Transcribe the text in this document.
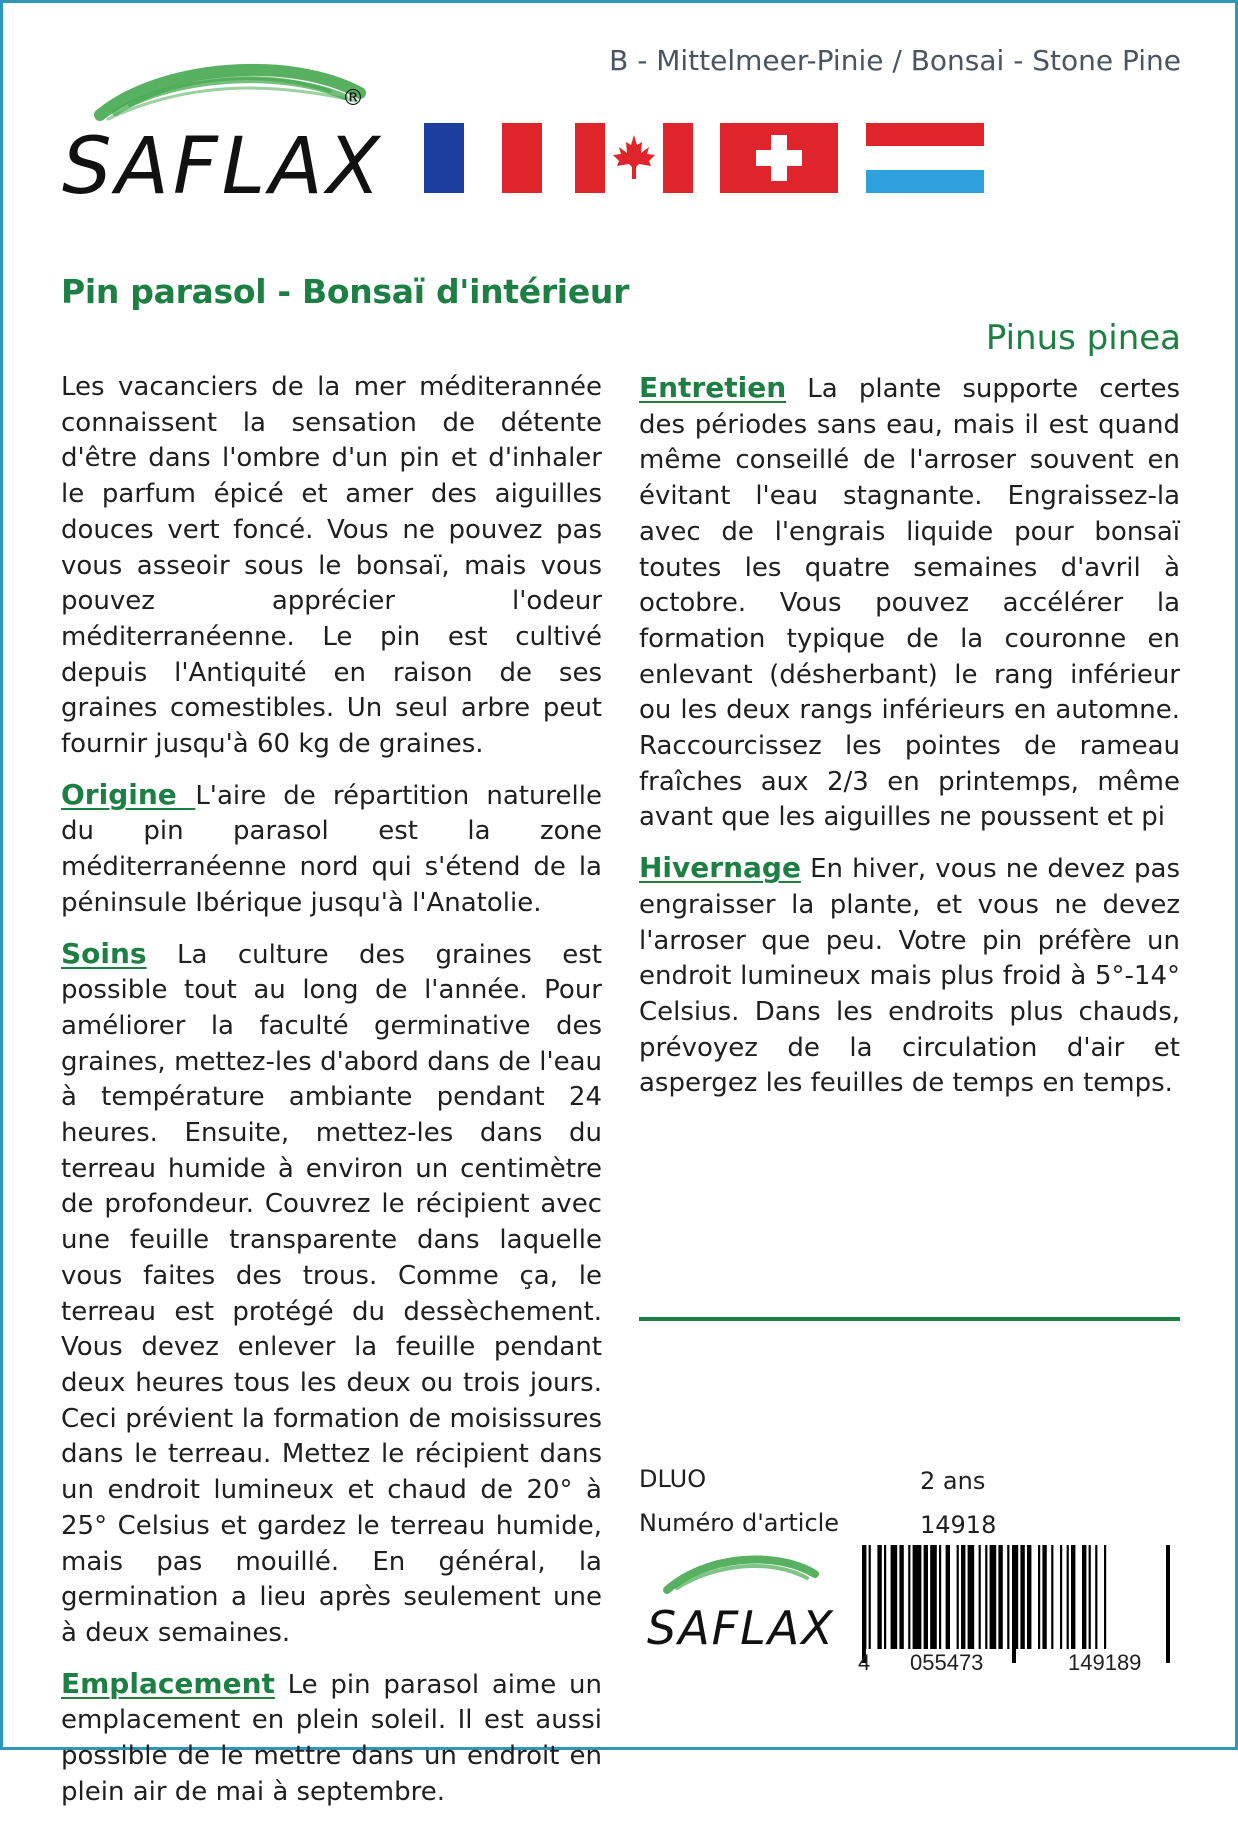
B - Mittelmeer-Pinie / Bonsai - Stone Pine
SAFLAX
®
Pin parasol - Bonsaï d'intérieur
Pinus pinea

Les vacanciers de la mer méditerannée connaissent la sensation de détente d'être dans l'ombre d'un pin et d'inhaler le parfum épicé et amer des aiguilles douces vert foncé. Vous ne pouvez pas vous asseoir sous le bonsaï, mais vous pouvez apprécier l'odeur méditerranéenne. Le pin est cultivé depuis l'Antiquité en raison de ses graines comestibles. Un seul arbre peut fournir jusqu'à 60 kg de graines.

Origine L'aire de répartition naturelle du pin parasol est la zone méditerranéenne nord qui s'étend de la péninsule Ibérique jusqu'à l'Anatolie.

Soins La culture des graines est possible tout au long de l'année. Pour améliorer la faculté germinative des graines, mettez-les d'abord dans de l'eau à température ambiante pendant 24 heures. Ensuite, mettez-les dans du terreau humide à environ un centimètre de profondeur. Couvrez le récipient avec une feuille transparente dans laquelle vous faites des trous. Comme ça, le terreau est protégé du dessèchement. Vous devez enlever la feuille pendant deux heures tous les deux ou trois jours. Ceci prévient la formation de moisissures dans le terreau. Mettez le récipient dans un endroit lumineux et chaud de 20° à 25° Celsius et gardez le terreau humide, mais pas mouillé. En général, la germination a lieu après seulement une à deux semaines.

Emplacement Le pin parasol aime un emplacement en plein soleil. Il est aussi possible de le mettre dans un endroit en plein air de mai à septembre.

Entretien La plante supporte certes des périodes sans eau, mais il est quand même conseillé de l'arroser souvent en évitant l'eau stagnante. Engraissez-la avec de l'engrais liquide pour bonsaï toutes les quatre semaines d'avril à octobre. Vous pouvez accélérer la formation typique de la couronne en enlevant (désherbant) le rang inférieur ou les deux rangs inférieurs en automne. Raccourcissez les pointes de rameau fraîches aux 2/3 en printemps, même avant que les aiguilles ne poussent et pi

Hivernage En hiver, vous ne devez pas engraisser la plante, et vous ne devez l'arroser que peu. Votre pin préfère un endroit lumineux mais plus froid à 5°-14° Celsius. Dans les endroits plus chauds, prévoyez de la circulation d'air et aspergez les feuilles de temps en temps.

DLUO	2 ans
Numéro d'article	14918
SAFLAX
4 055473	149189
